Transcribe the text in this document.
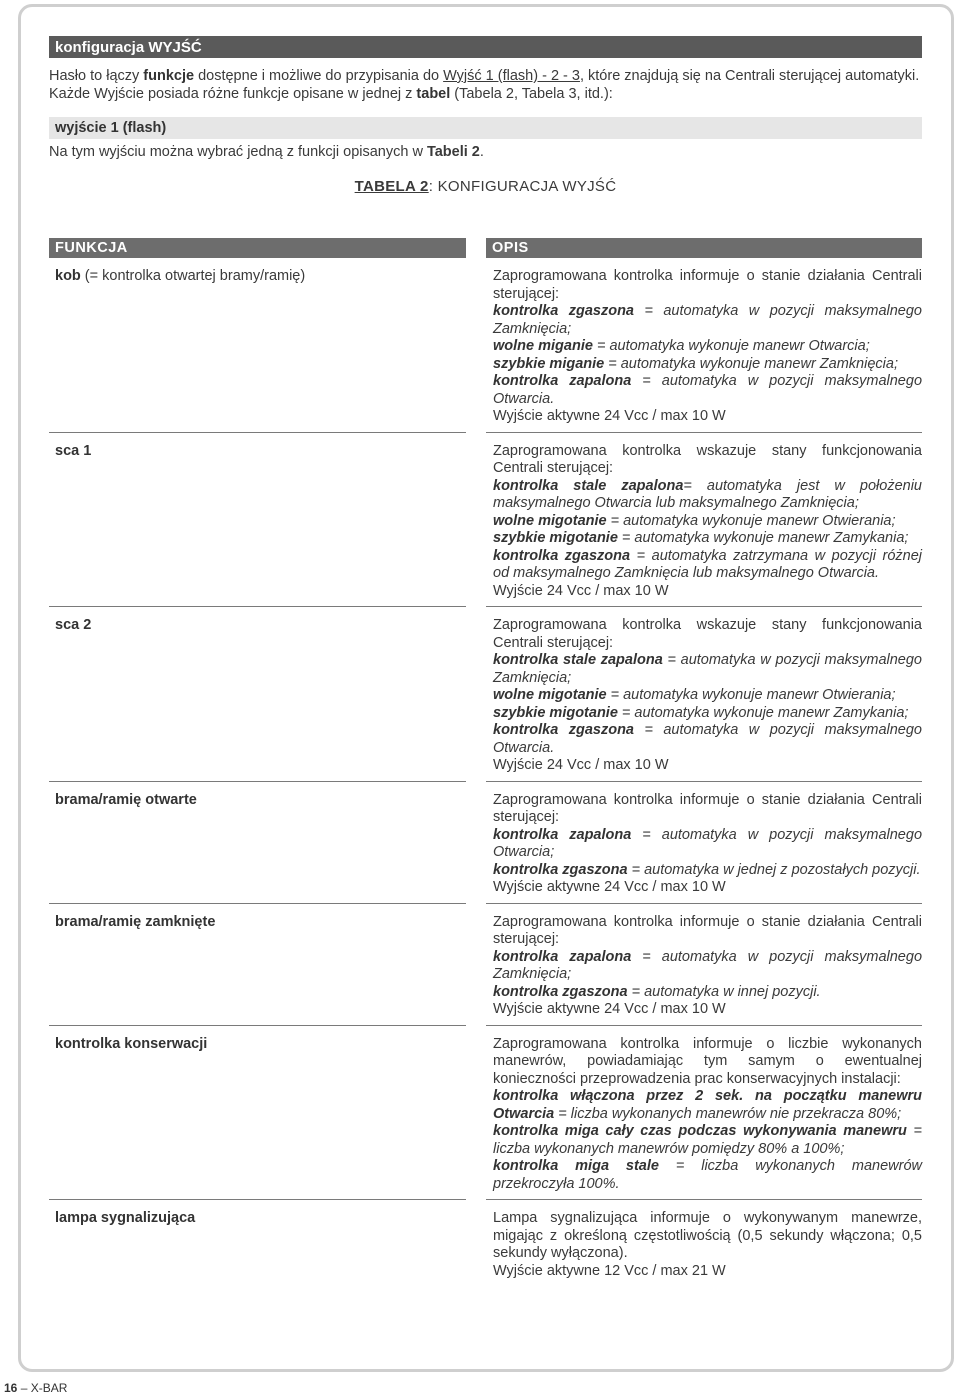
konfiguracja WYJŚĆ
Hasło to łączy funkcje dostępne i możliwe do przypisania do Wyjść 1 (flash) - 2 - 3, które znajdują się na Centrali sterującej automatyki. Każde Wyjście posiada różne funkcje opisane w jednej z tabel (Tabela 2, Tabela 3, itd.):
wyjście 1 (flash)
Na tym wyjściu można wybrać jedną z funkcji opisanych w Tabeli 2.
TABELA 2: KONFIGURACJA WYJŚĆ
FUNKCJA	OPIS
kob (= kontrolka otwartej bramy/ramię)	Zaprogramowana kontrolka informuje o stanie działania Centrali sterującej:
kontrolka zgaszona = automatyka w pozycji maksymalnego Zamknięcia;
wolne miganie = automatyka wykonuje manewr Otwarcia;
szybkie miganie = automatyka wykonuje manewr Zamknięcia;
kontrolka zapalona = automatyka w pozycji maksymalnego Otwarcia.
Wyjście aktywne 24 Vcc / max 10 W
sca 1	Zaprogramowana kontrolka wskazuje stany funkcjonowania Centrali sterującej:
kontrolka stale zapalona= automatyka jest w położeniu maksymalnego Otwarcia lub maksymalnego Zamknięcia;
wolne migotanie = automatyka wykonuje manewr Otwierania;
szybkie migotanie = automatyka wykonuje manewr Zamykania;
kontrolka zgaszona = automatyka zatrzymana w pozycji różnej od maksymalnego Zamknięcia lub maksymalnego Otwarcia.
Wyjście 24 Vcc / max 10 W
sca 2	Zaprogramowana kontrolka wskazuje stany funkcjonowania Centrali sterującej:
kontrolka stale zapalona = automatyka w pozycji maksymalnego Zamknięcia;
wolne migotanie = automatyka wykonuje manewr Otwierania;
szybkie migotanie = automatyka wykonuje manewr Zamykania;
kontrolka zgaszona = automatyka w pozycji maksymalnego Otwarcia.
Wyjście 24 Vcc / max 10 W
brama/ramię otwarte	Zaprogramowana kontrolka informuje o stanie działania Centrali sterującej:
kontrolka zapalona = automatyka w pozycji maksymalnego Otwarcia;
kontrolka zgaszona = automatyka w jednej z pozostałych pozycji.
Wyjście aktywne 24 Vcc / max 10 W
brama/ramię zamknięte	Zaprogramowana kontrolka informuje o stanie działania Centrali sterującej:
kontrolka zapalona = automatyka w pozycji maksymalnego Zamknięcia;
kontrolka zgaszona = automatyka w innej pozycji.
Wyjście aktywne 24 Vcc / max 10 W
kontrolka konserwacji	Zaprogramowana kontrolka informuje o liczbie wykonanych manewrów, powiadamiając tym samym o ewentualnej konieczności przeprowadzenia prac konserwacyjnych instalacji:
kontrolka włączona przez 2 sek. na początku manewru Otwarcia = liczba wykonanych manewrów nie przekracza 80%;
kontrolka miga cały czas podczas wykonywania manewru = liczba wykonanych manewrów pomiędzy 80% a 100%;
kontrolka miga stale = liczba wykonanych manewrów przekroczyła 100%.
lampa sygnalizująca	Lampa sygnalizująca informuje o wykonywanym manewrze, migając z określoną częstotliwością (0,5 sekundy włączona; 0,5 sekundy wyłączona).
Wyjście aktywne 12 Vcc / max 21 W
16 – X-BAR
